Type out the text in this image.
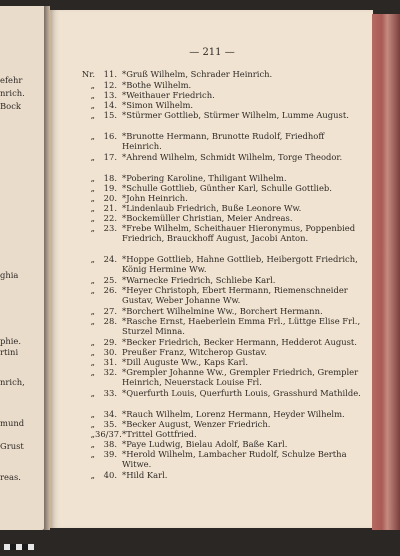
efehr
nrich.
Bock
ghia
phie.
rtini
nrich,
mund
Grust
reas.
— 211 —
Nr.	11. *Gruß Wilhelm, Schrader Heinrich.
„	12. *Bothe Wilhelm.
„	13. *Weithauer Friedrich.
„	14. *Simon Wilhelm.
„	15. *Stürmer Gottlieb, Stürmer Wilhelm, Lumme August.
„	16. *Brunotte Hermann, Brunotte Rudolf, Friedhoff Heinrich.
„	17. *Ahrend Wilhelm, Schmidt Wilhelm, Torge Theodor.
„	18. *Pobering Karoline, Thiligant Wilhelm.
„	19. *Schulle Gottlieb, Günther Karl, Schulle Gottlieb.
„	20. *John Heinrich.
„	21. *Lindenlaub Friedrich, Buße Leonore Ww.
„	22. *Bockemüller Christian, Meier Andreas.
„	23. *Frebe Wilhelm, Scheithauer Hieronymus, Poppenbied Friedrich, Brauckhoff August, Jacobi Anton.
„	24. *Hoppe Gottlieb, Hahne Gottlieb, Heibergott Friedrich, König Hermine Ww.
„	25. *Warnecke Friedrich, Schliebe Karl.
„	26. *Heyer Christoph, Ebert Hermann, Riemenschneider Gustav, Weber Johanne Ww.
„	27. *Borchert Wilhelmine Ww., Borchert Hermann.
„	28. *Rasche Ernst, Haeberlein Emma Frl., Lüttge Elise Frl., Sturzel Minna.
„	29. *Becker Friedrich, Becker Hermann, Hedderot August.
„	30. Preußer Franz, Witcherop Gustav.
„	31. *Dill Auguste Ww., Kaps Karl.
„	32. *Grempler Johanne Ww., Grempler Friedrich, Grempler Heinrich, Neuerstack Louise Frl.
„	33. *Querfurth Louis, Querfurth Louis, Grasshurd Mathilde.
„	34. *Rauch Wilhelm, Lorenz Hermann, Heyder Wilhelm.
„	35. *Becker August, Wenzer Friedrich.
„ 36/37. *Trittel Gottfried.
„	38. *Paye Ludwig, Bielau Adolf, Baße Karl.
„	39. *Herold Wilhelm, Lambacher Rudolf, Schulze Bertha Witwe.
„	40. *Hild Karl.
